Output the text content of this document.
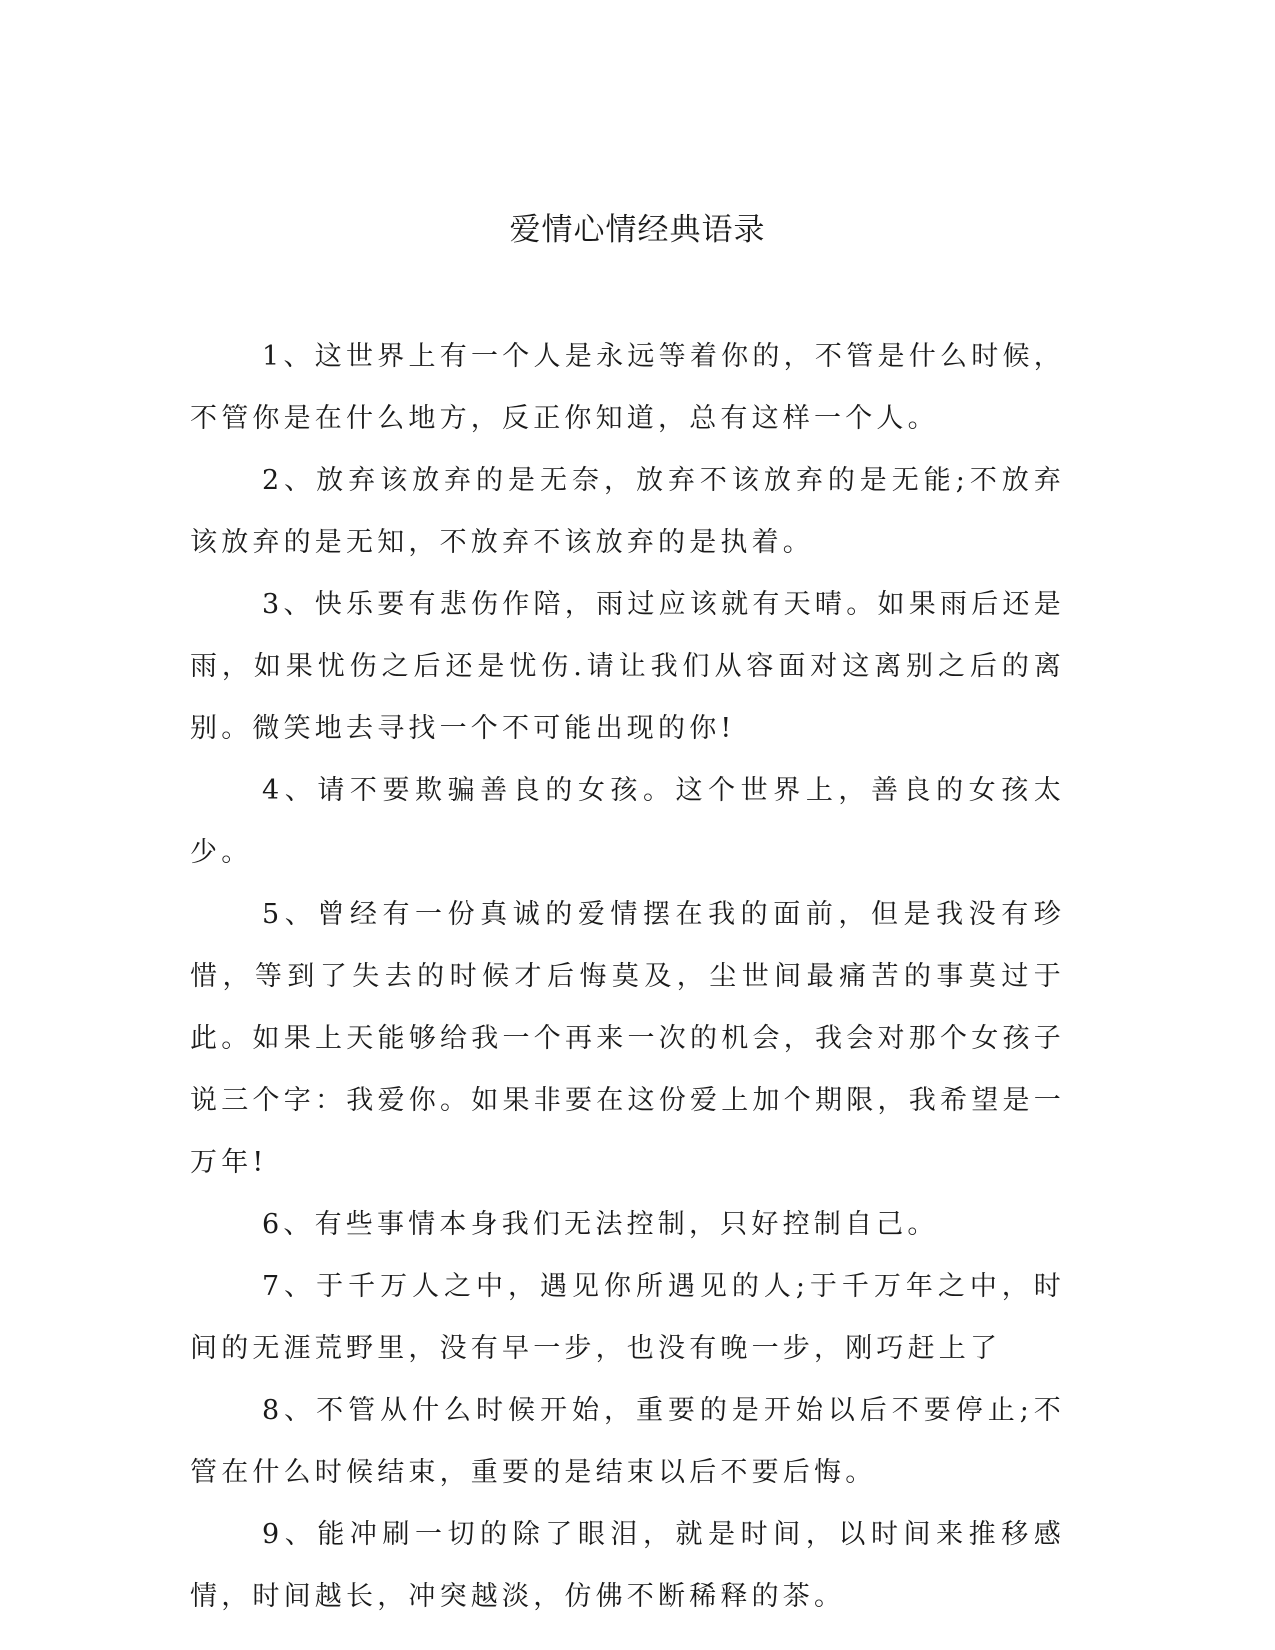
爱情心情经典语录

1、这世界上有一个人是永远等着你的，不管是什么时候，不管你是在什么地方，反正你知道，总有这样一个人。

2、放弃该放弃的是无奈，放弃不该放弃的是无能;不放弃该放弃的是无知，不放弃不该放弃的是执着。

3、快乐要有悲伤作陪，雨过应该就有天晴。如果雨后还是雨，如果忧伤之后还是忧伤.请让我们从容面对这离别之后的离别。微笑地去寻找一个不可能出现的你!

4、请不要欺骗善良的女孩。这个世界上，善良的女孩太少。

5、曾经有一份真诚的爱情摆在我的面前，但是我没有珍惜，等到了失去的时候才后悔莫及，尘世间最痛苦的事莫过于此。如果上天能够给我一个再来一次的机会，我会对那个女孩子说三个字：我爱你。如果非要在这份爱上加个期限，我希望是一万年!

6、有些事情本身我们无法控制，只好控制自己。

7、于千万人之中，遇见你所遇见的人;于千万年之中，时间的无涯荒野里，没有早一步，也没有晚一步，刚巧赶上了

8、不管从什么时候开始，重要的是开始以后不要停止;不管在什么时候结束，重要的是结束以后不要后悔。

9、能冲刷一切的除了眼泪，就是时间，以时间来推移感情，时间越长，冲突越淡，仿佛不断稀释的茶。
